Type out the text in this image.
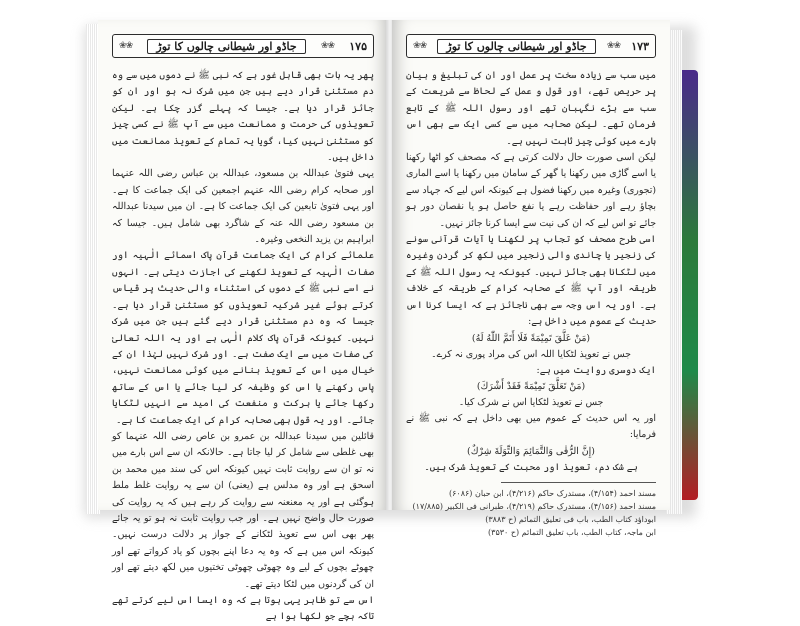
۱۷۵
❀❀
جاڈو اور شیطانی چالوں کا توڑ
❀❀

پھر یہ بات بھی قابل غور ہے کہ نبی ﷺ نے دموں میں سے وہ دم مستثنیٰ قرار دیے ہیں جن میں شرک نہ ہو اور ان کو جائز قرار دیا ہے۔ جیسا کہ پہلے گزر چکا ہے۔ لیکن تعویذوں کی حرمت و ممانعت میں سے آپ ﷺ نے کسی چیز کو مستثنیٰ نہیں کیا، گویا یہ تمام کے تعویذ ممانعت میں داخل ہیں۔

یہی فتویٰ عبداللہ بن مسعود، عبداللہ بن عباس رضی اللہ عنہما اور صحابہ کرام رضی اللہ عنہم اجمعین کی ایک جماعت کا ہے۔ اور یہی فتویٰ تابعین کی ایک جماعت کا ہے۔ ان میں سیدنا عبداللہ بن مسعود رضی اللہ عنہ کے شاگرد بھی شامل ہیں۔ جیسا کہ ابراہیم بن یزید النخعی وغیرہ۔

علمائے کرام کی ایک جماعت قرآن پاک اسمائے الٰہیہ اور صفات الٰہیہ کے تعویذ لکھنے کی اجازت دیتی ہے۔ انہوں نے اسے نبی ﷺ کے دموں کی استثناء والی حدیث پر قیاس کرتے ہوئے غیر شرکیہ تعویذوں کو مستثنیٰ قرار دیا ہے۔ جیسا کہ وہ دم مستثنیٰ قرار دیے گئے ہیں جن میں شرک نہیں۔ کیونکہ قرآن پاک کلام الٰہی ہے اور یہ اللہ تعالیٰ کی صفات میں سے ایک صفت ہے۔ اور شرک نہیں لہٰذا ان کے خیال میں اس کے تعویذ بنانے میں کوئی ممانعت نہیں، پاس رکھنے یا اس کو وظیفہ کر لیا جائے یا اس کے ساتھ رکھا جائے یا برکت و منفعت کی امید سے انہیں لٹکایا جائے۔ اور یہ قول بھی صحابہ کرام کی ایک جماعت کا ہے۔

قائلین میں سیدنا عبداللہ بن عمرو بن عاص رضی اللہ عنہما کو بھی غلطی سے شامل کر لیا جاتا ہے۔ حالانکہ ان سے اس بارے میں نہ تو ان سے روایت ثابت نہیں کیونکہ اس کی سند میں محمد بن اسحق ہے اور وہ مدلس ہے (یعنی) ان سے یہ روایت غلط ملط ہوگئی ہے اور یہ معنعنہ سے روایت کر رہے ہیں کہ یہ روایت کی صورت حال واضح نہیں ہے۔ اور جب روایت ثابت نہ ہو تو یہ جائے پھر بھی اس سے تعویذ لٹکانے کے جواز پر دلالت درست نہیں۔ کیونکہ اس میں ہے کہ وہ یہ دعا اپنے بچوں کو یاد کرواتے تھے اور چھوٹے بچوں کے لیے وہ چھوٹی چھوٹی تختیوں میں لکھ دیتے تھے اور ان کی گردنوں میں لٹکا دیتے تھے۔

اس سے تو ظاہر یہی ہوتا ہے کہ وہ ایسا اس لیے کرتے تھے تاکہ بچے جو لکھا ہوا ہے

۱۷۳
❀❀
جاڈو اور شیطانی چالوں کا توڑ
❀❀

میں سب سے زیادہ سخت پر عمل اور ان کی تبلیغ و بیان پر حریص تھے، اور قول و عمل کے لحاظ سے شریعت کے سب سے بڑے نگہبان تھے اور رسول اللہ ﷺ کے تابع فرمان تھے۔ لیکن صحابہ میں سے کسی ایک سے بھی اس بارے میں کوئی چیز ثابت نہیں ہے۔

لیکن اسی صورت حال دلالت کرتی ہے کہ مصحف کو اٹھا رکھنا یا اسے گاڑی میں رکھنا یا گھر کے سامان میں رکھنا یا اسے الماری (تجوری) وغیرہ میں رکھنا فضول ہے کیونکہ اس لیے کہ جہاد سے بچاؤ رہے اور حفاظت رہے یا نفع حاصل ہو یا نقصان دور ہو جائے تو اس لیے کہ ان کی نیت سے ایسا کرنا جائز نہیں۔

اسی طرح مصحف کو تجاب پر لکھنا یا آیات قرآنی سونے کی زنجیر یا چاندی والی زنجیر میں لکھ کر گردن وغیرہ میں لٹکانا بھی جائز نہیں۔ کیونکہ یہ رسول اللہ ﷺ کے طریقہ اور آپ ﷺ کے صحابہ کرام کے طریقہ کے خلاف ہے۔ اور یہ اس وجہ سے بھی ناجائز ہے کہ ایسا کرنا اس حدیث کے عموم میں داخل ہے:

(مَنْ عَلَّقَ تَمِيْمَةً فَلَا أَتَمَّ اللّٰهُ لَهُ)
جس نے تعویذ لٹکایا اللہ اس کی مراد پوری نہ کرے۔

ایک دوسری روایت میں ہے:

(مَنْ تَعَلَّقَ تَمِيْمَةً فَقَدْ أَشْرَكَ)
جس نے تعویذ لٹکایا اس نے شرک کیا۔

اور یہ اس حدیث کے عموم میں بھی داخل ہے کہ نبی ﷺ نے فرمایا:

(إِنَّ الرُّقٰى وَالتَّمَائِمَ وَالتِّوَلَةَ شِرْكٌ)
بے شک دم، تعویذ اور محبت کے تعویذ شرک ہیں۔
مسند احمد (۴/۱۵۴)، مستدرک حاکم (۴/۲۱۶)، ابن حبان (۶۰۸۶)
مسند احمد (۴/۱۵۶)، مستدرک حاکم (۴/۲۱۹)، طبرانی فی الکبیر (۱۷/۸۸۵)
ابوداؤد کتاب الطب، باب فی تعلیق التمائم (ح ۳۸۸۳)
ابن ماجہ، کتاب الطب، باب تعلیق التمائم (ح ۳۵۳۰)
